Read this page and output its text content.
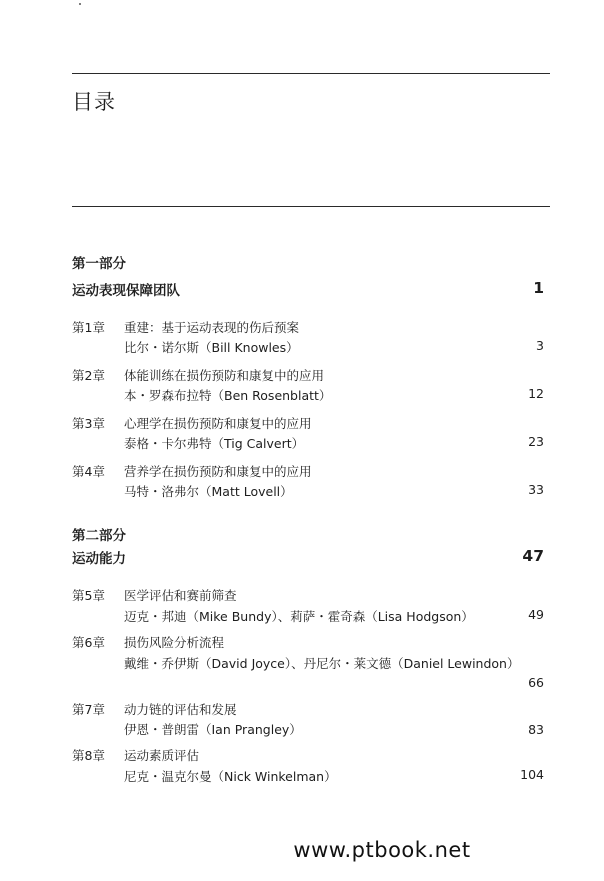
目录
第一部分
运动表现保障团队	1
第1章 重建：基于运动表现的伤后预案
比尔・诺尔斯（Bill Knowles）	3
第2章 体能训练在损伤预防和康复中的应用
本・罗森布拉特（Ben Rosenblatt）	12
第3章 心理学在损伤预防和康复中的应用
泰格・卡尔弗特（Tig Calvert）	23
第4章 营养学在损伤预防和康复中的应用
马特・洛弗尔（Matt Lovell）	33
第二部分
运动能力	47
第5章 医学评估和赛前筛查
迈克・邦迪（Mike Bundy）、莉萨・霍奇森（Lisa Hodgson）	49
第6章 损伤风险分析流程
戴维・乔伊斯（David Joyce）、丹尼尔・莱文德（Daniel Lewindon）
66
第7章 动力链的评估和发展
伊恩・普朗雷（Ian Prangley）	83
第8章 运动素质评估
尼克・温克尔曼（Nick Winkelman）	104
www.ptbook.net
